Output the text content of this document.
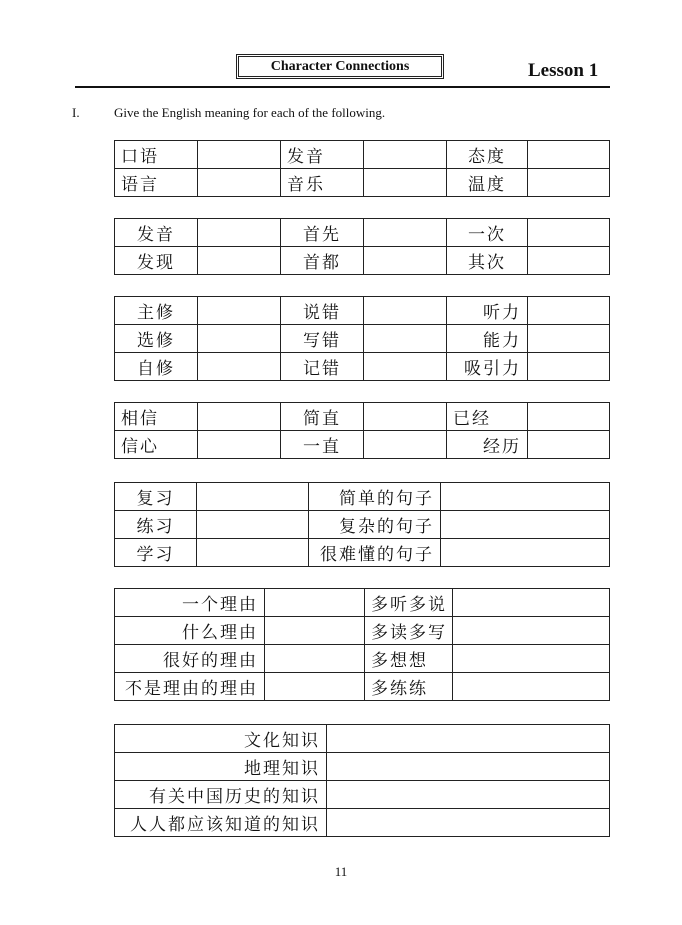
Character Connections	Lesson 1
I.	Give the English meaning for each of the following.
口语		发音		态度	
语言		音乐		温度	
发音		首先		一次	
发现		首都		其次	
主修		说错		听力	
选修		写错		能力	
自修		记错		吸引力	
相信		简直		已经	
信心		一直		经历	
复习		简单的句子	
练习		复杂的句子	
学习		很难懂的句子	
一个理由		多听多说	
什么理由		多读多写	
很好的理由		多想想	
不是理由的理由		多练练	
文化知识	
地理知识	
有关中国历史的知识	
人人都应该知道的知识	
11
